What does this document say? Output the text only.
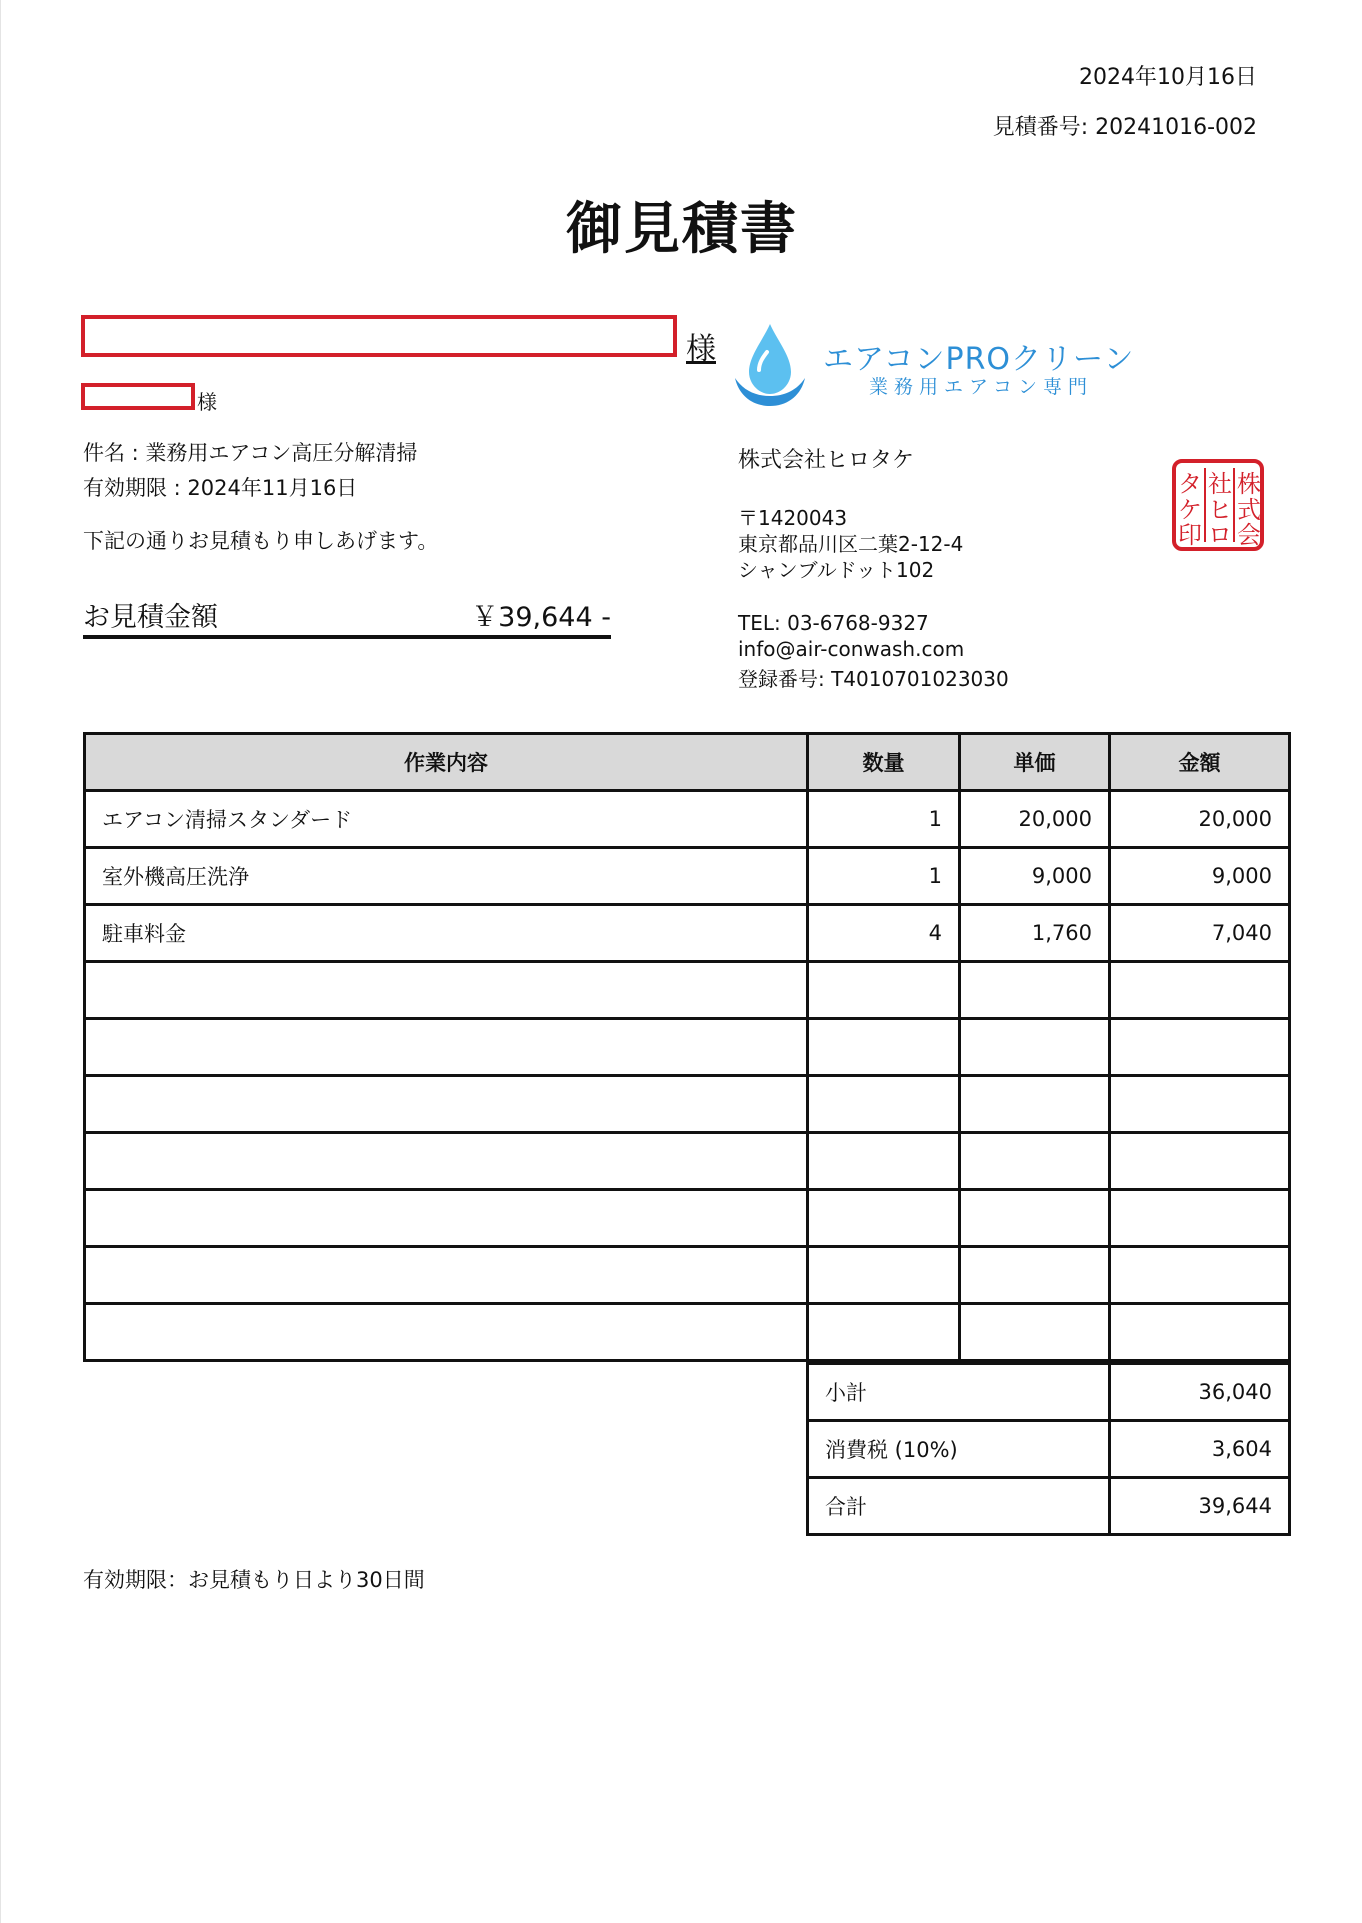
2024年10月16日
見積番号: 20241016-002
御見積書
様
様
件名 : 業務用エアコン高圧分解清掃
有効期限 : 2024年11月16日
下記の通りお見積もり申しあげます。
お見積金額	￥39,644 -
エアコンPROクリーン
業務用エアコン専門
株式会社ヒロタケ
〒1420043
東京都品川区二葉2-12-4
シャンブルドット102
TEL: 03-6768-9327
info@air-conwash.com
登録番号: T4010701023030
株
式
会
社
ヒ
ロ
タ
ケ
印
作業内容	数量	単価	金額
エアコン清掃スタンダード	1	20,000	20,000
室外機高圧洗浄	1	9,000	9,000
駐車料金	4	1,760	7,040

小計	36,040
消費税 (10%)	3,604
合計	39,644
有効期限：お見積もり日より30日間
